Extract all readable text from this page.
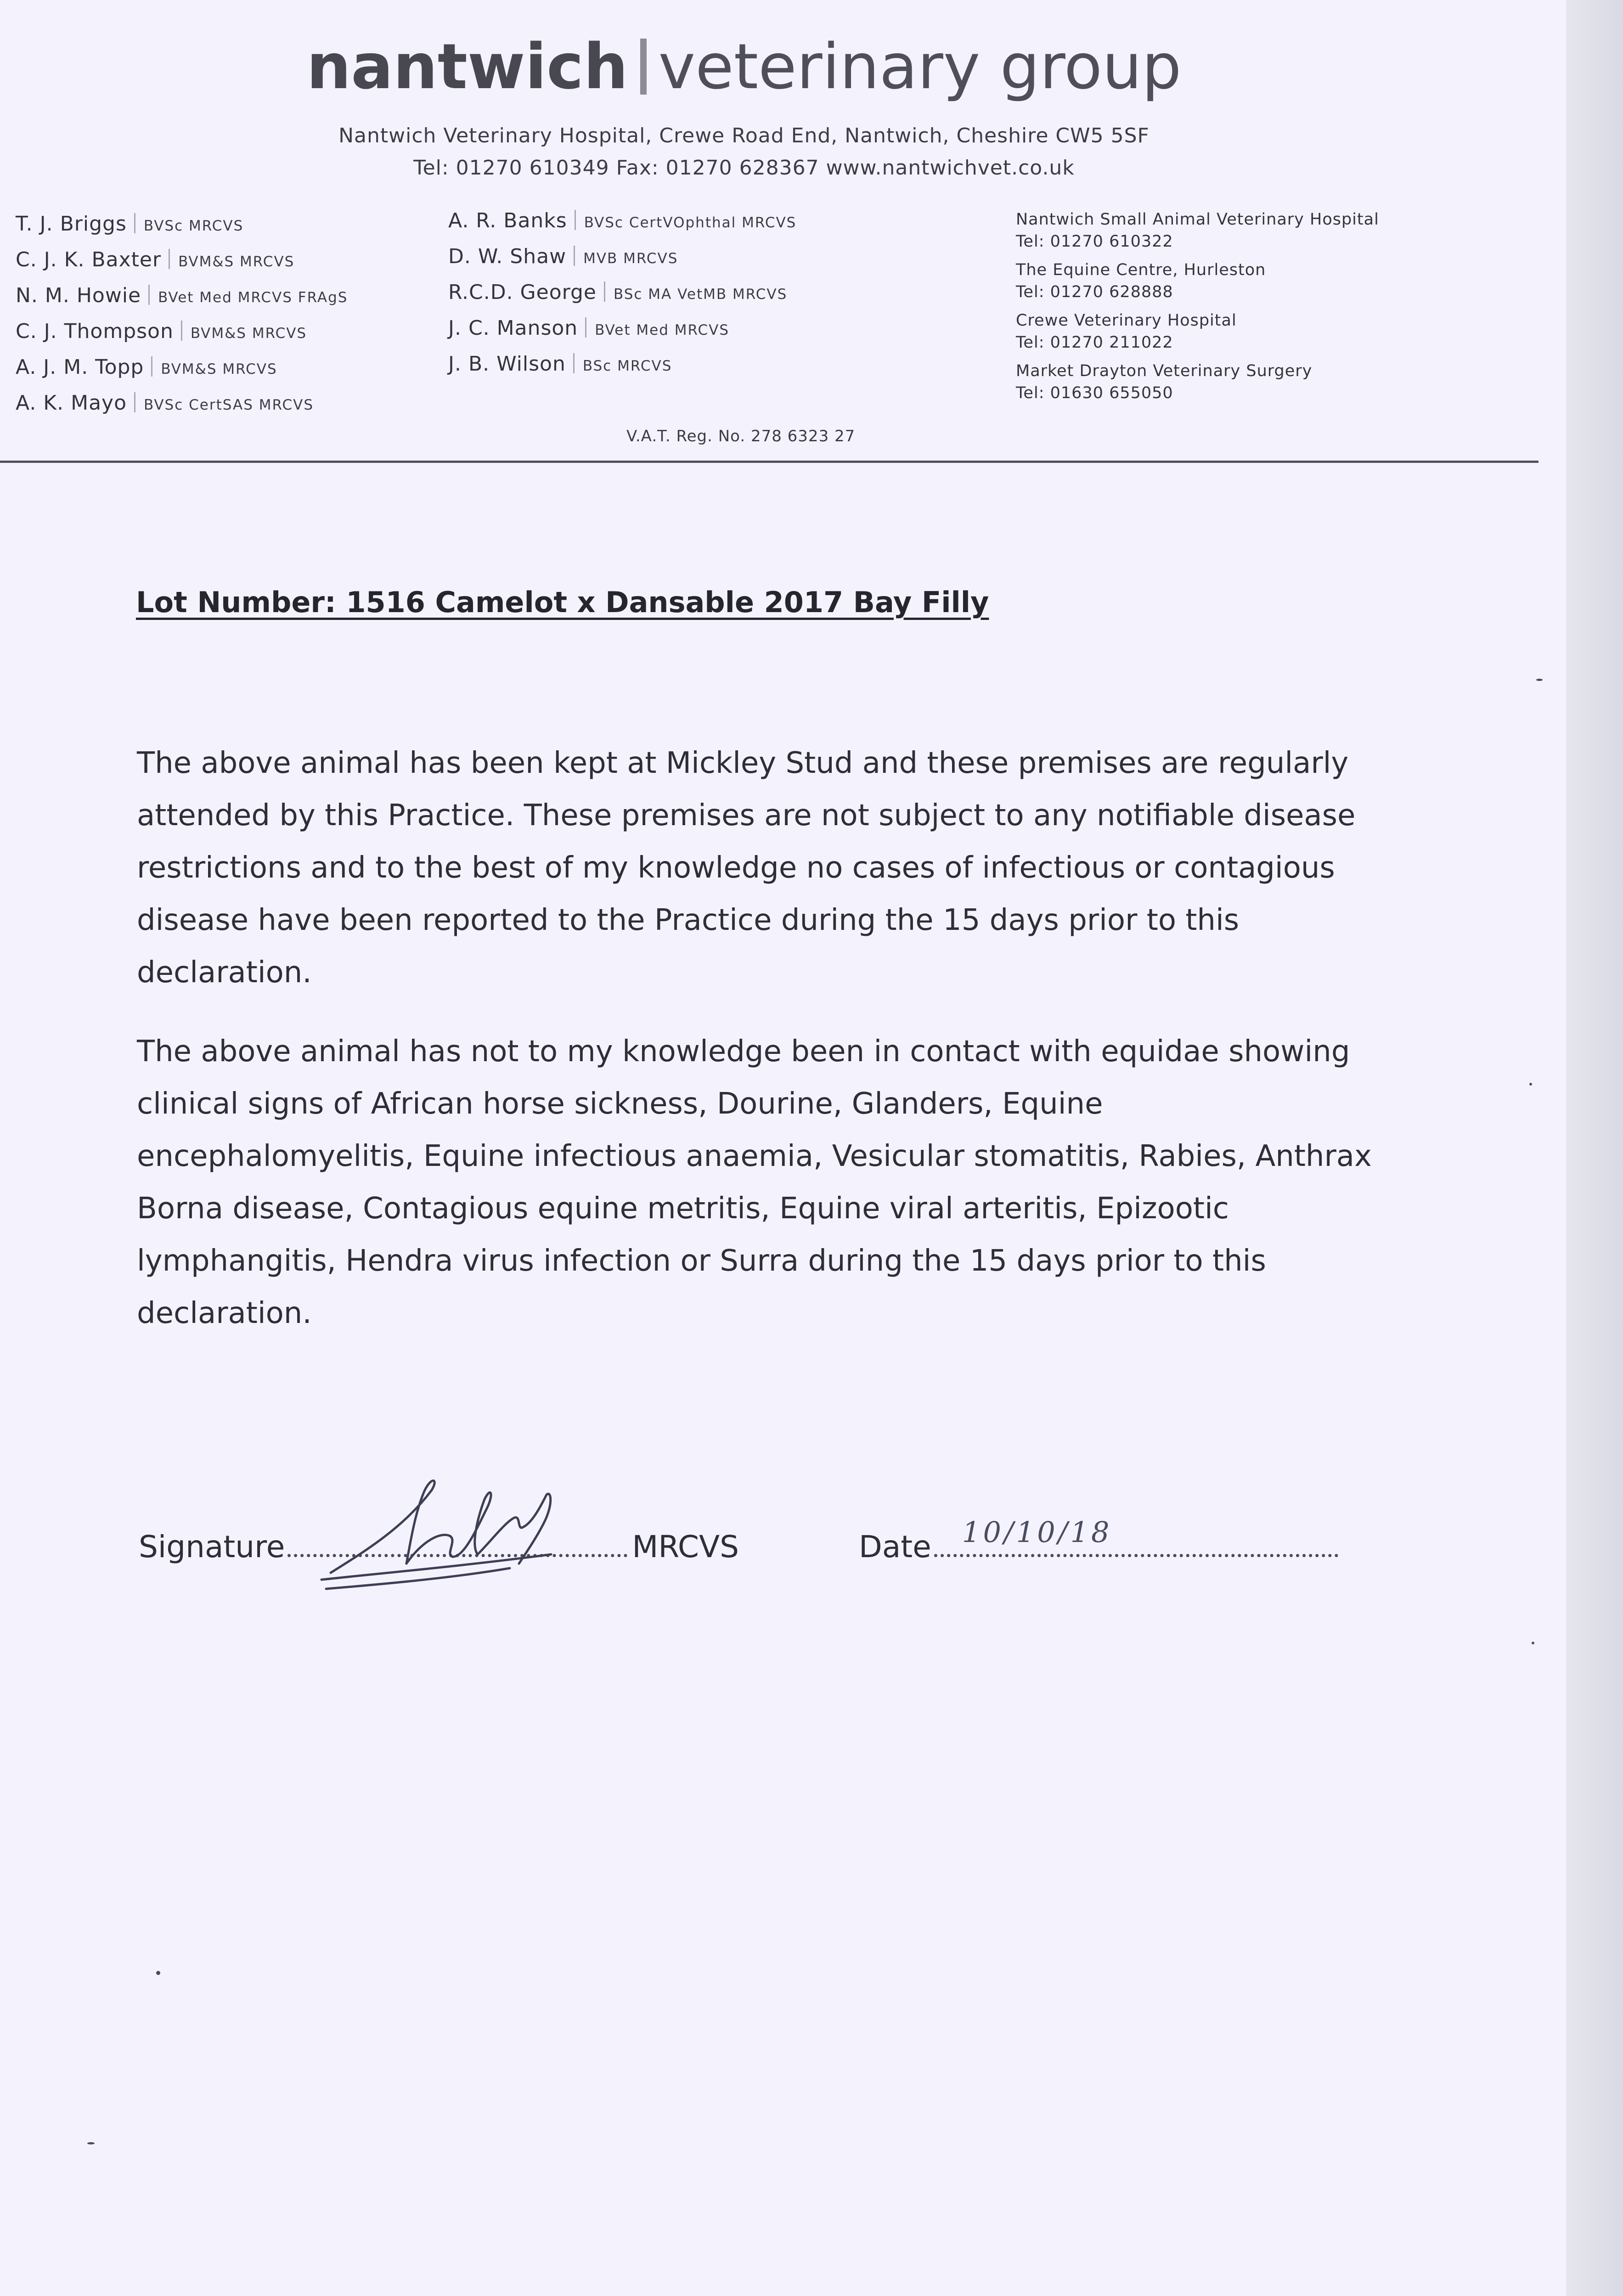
nantwich veterinary group
Nantwich Veterinary Hospital, Crewe Road End, Nantwich, Cheshire CW5 5SF
Tel: 01270 610349 Fax: 01270 628367 www.nantwichvet.co.uk
T. J. Briggs BVSc MRCVS
C. J. K. Baxter BVM&S MRCVS
N. M. Howie BVet Med MRCVS FRAgS
C. J. Thompson BVM&S MRCVS
A. J. M. Topp BVM&S MRCVS
A. K. Mayo BVSc CertSAS MRCVS
A. R. Banks BVSc CertVOphthal MRCVS
D. W. Shaw MVB MRCVS
R.C.D. George BSc MA VetMB MRCVS
J. C. Manson BVet Med MRCVS
J. B. Wilson BSc MRCVS
Nantwich Small Animal Veterinary Hospital
Tel: 01270 610322
The Equine Centre, Hurleston
Tel: 01270 628888
Crewe Veterinary Hospital
Tel: 01270 211022
Market Drayton Veterinary Surgery
Tel: 01630 655050
V.A.T. Reg. No. 278 6323 27
Lot Number: 1516 Camelot x Dansable 2017 Bay Filly
The above animal has been kept at Mickley Stud and these premises are regularly attended by this Practice. These premises are not subject to any notifiable disease restrictions and to the best of my knowledge no cases of infectious or contagious disease have been reported to the Practice during the 15 days prior to this declaration.
The above animal has not to my knowledge been in contact with equidae showing clinical signs of African horse sickness, Dourine, Glanders, Equine encephalomyelitis, Equine infectious anaemia, Vesicular stomatitis, Rabies, Anthrax Borna disease, Contagious equine metritis, Equine viral arteritis, Epizootic lymphangitis, Hendra virus infection or Surra during the 15 days prior to this declaration.
Signature	MRCVS	Date	10/10/18
